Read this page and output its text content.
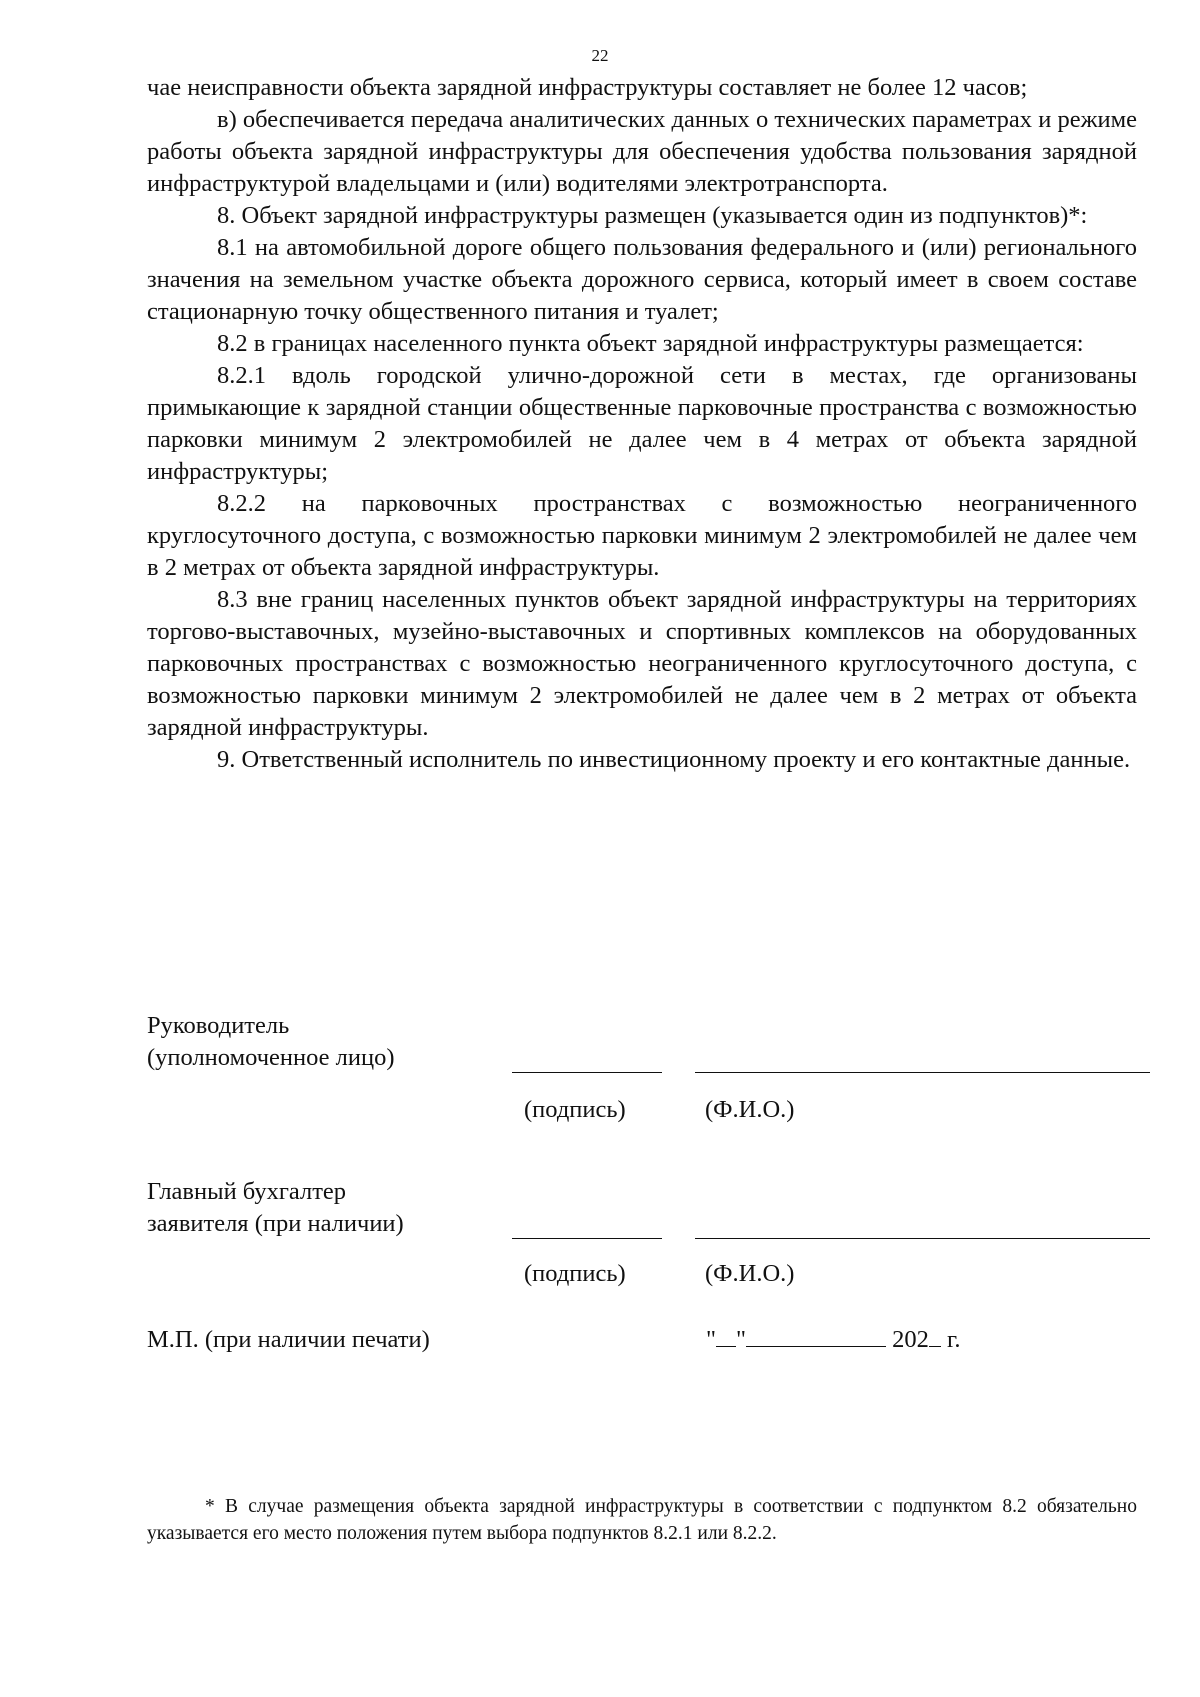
22

чае неисправности объекта зарядной инфраструктуры составляет не более 12 часов;

в) обеспечивается передача аналитических данных о технических параметрах и режиме работы объекта зарядной инфраструктуры для обеспечения удобства пользования зарядной инфраструктурой владельцами и (или) водителями электротранспорта.

8. Объект зарядной инфраструктуры размещен (указывается один из подпунктов)*:

8.1 на автомобильной дороге общего пользования федерального и (или) регионального значения на земельном участке объекта дорожного сервиса, который имеет в своем составе стационарную точку общественного питания и туалет;

8.2 в границах населенного пункта объект зарядной инфраструктуры размещается:

8.2.1 вдоль городской улично-дорожной сети в местах, где организованы примыкающие к зарядной станции общественные парковочные пространства с возможностью парковки минимум 2 электромобилей не далее чем в 4 метрах от объекта зарядной инфраструктуры;

8.2.2 на парковочных пространствах с возможностью неограниченного круглосуточного доступа, с возможностью парковки минимум 2 электромобилей не далее чем в 2 метрах от объекта зарядной инфраструктуры.

8.3 вне границ населенных пунктов объект зарядной инфраструктуры на территориях торгово-выставочных, музейно-выставочных и спортивных комплексов на оборудованных парковочных пространствах с возможностью неограниченного круглосуточного доступа, с возможностью парковки минимум 2 электромобилей не далее чем в 2 метрах от объекта зарядной инфраструктуры.

9. Ответственный исполнитель по инвестиционному проекту и его контактные данные.

Руководитель
(уполномоченное лицо)
(подпись)	(Ф.И.О.)
Главный бухгалтер
заявителя (при наличии)
(подпись)	(Ф.И.О.)
М.П. (при наличии печати)	" "	202 г.

* В случае размещения объекта зарядной инфраструктуры в соответствии с подпунктом 8.2 обязательно указывается его место положения путем выбора подпунктов 8.2.1 или 8.2.2.
